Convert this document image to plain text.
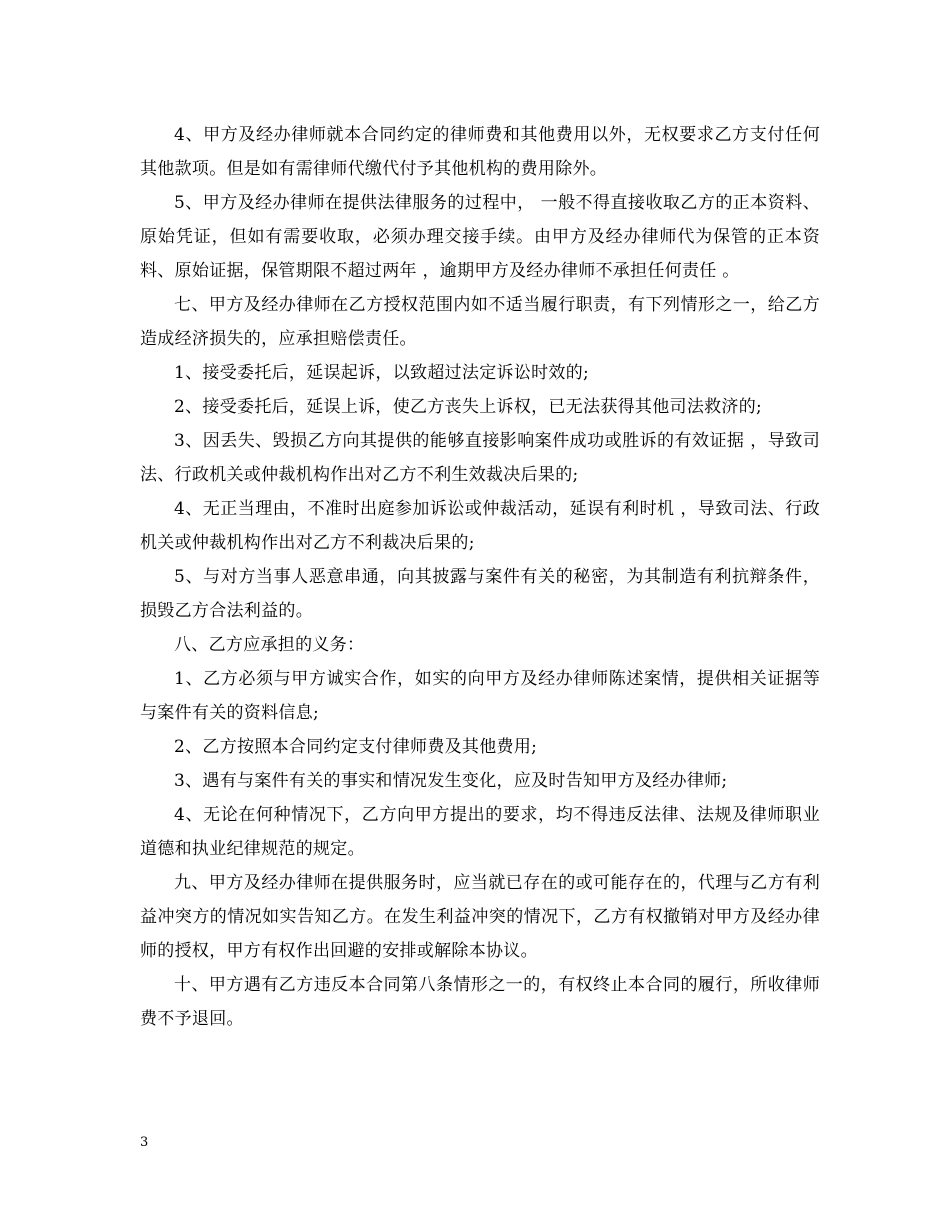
4、甲方及经办律师就本合同约定的律师费和其他费用以外，无权要求乙方支付任何其他款项。但是如有需律师代缴代付予其他机构的费用除外。

5、甲方及经办律师在提供法律服务的过程中， 一般不得直接收取乙方的正本资料、原始凭证，但如有需要收取，必须办理交接手续。由甲方及经办律师代为保管的正本资料、原始证据，保管期限不超过两年 ，逾期甲方及经办律师不承担任何责任 。

七、甲方及经办律师在乙方授权范围内如不适当履行职责，有下列情形之一，给乙方造成经济损失的，应承担赔偿责任。

1、接受委托后，延误起诉，以致超过法定诉讼时效的;

2、接受委托后，延误上诉，使乙方丧失上诉权，已无法获得其他司法救济的;

3、因丢失、毁损乙方向其提供的能够直接影响案件成功或胜诉的有效证据 ，导致司法、行政机关或仲裁机构作出对乙方不利生效裁决后果的;

4、无正当理由，不准时出庭参加诉讼或仲裁活动，延误有利时机 ，导致司法、行政机关或仲裁机构作出对乙方不利裁决后果的;

5、与对方当事人恶意串通，向其披露与案件有关的秘密，为其制造有利抗辩条件，损毁乙方合法利益的。

八、乙方应承担的义务：

1、乙方必须与甲方诚实合作，如实的向甲方及经办律师陈述案情，提供相关证据等与案件有关的资料信息;

2、乙方按照本合同约定支付律师费及其他费用;

3、遇有与案件有关的事实和情况发生变化，应及时告知甲方及经办律师;

4、无论在何种情况下，乙方向甲方提出的要求，均不得违反法律、法规及律师职业道德和执业纪律规范的规定。

九、甲方及经办律师在提供服务时，应当就已存在的或可能存在的，代理与乙方有利益冲突方的情况如实告知乙方。在发生利益冲突的情况下，乙方有权撤销对甲方及经办律师的授权，甲方有权作出回避的安排或解除本协议。

十、甲方遇有乙方违反本合同第八条情形之一的，有权终止本合同的履行，所收律师费不予退回。

3
